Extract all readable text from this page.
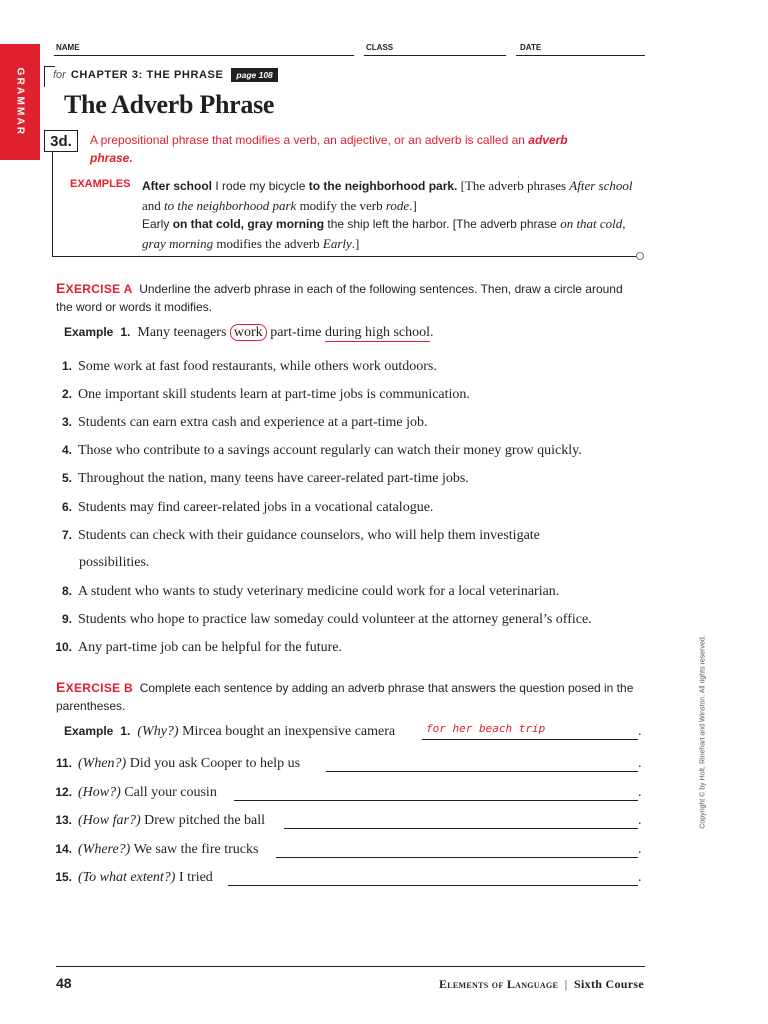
GRAMMAR
NAME	CLASS	DATE
for CHAPTER 3: THE PHRASE	page 108
The Adverb Phrase
3d.	A prepositional phrase that modifies a verb, an adjective, or an adverb is called an adverb phrase.
EXAMPLES After school I rode my bicycle to the neighborhood park. [The adverb phrases After school and to the neighborhood park modify the verb rode.]
Early on that cold, gray morning the ship left the harbor. [The adverb phrase on that cold, gray morning modifies the adverb Early.]
EXERCISE A Underline the adverb phrase in each of the following sentences. Then, draw a circle around the word or words it modifies.
Example 1. Many teenagers work part-time during high school.
1. Some work at fast food restaurants, while others work outdoors.
2. One important skill students learn at part-time jobs is communication.
3. Students can earn extra cash and experience at a part-time job.
4. Those who contribute to a savings account regularly can watch their money grow quickly.
5. Throughout the nation, many teens have career-related part-time jobs.
6. Students may find career-related jobs in a vocational catalogue.
7. Students can check with their guidance counselors, who will help them investigate
possibilities.
8. A student who wants to study veterinary medicine could work for a local veterinarian.
9. Students who hope to practice law someday could volunteer at the attorney general’s office.
10. Any part-time job can be helpful for the future.
EXERCISE B Complete each sentence by adding an adverb phrase that answers the question posed in the parentheses.
Example 1. (Why?) Mircea bought an inexpensive camera	for her beach trip	.
11. (When?) Did you ask Cooper to help us	.
12. (How?) Call your cousin	.
13. (How far?) Drew pitched the ball	.
14. (Where?) We saw the fire trucks	.
15. (To what extent?) I tried	.
Copyright © by Holt, Rinehart and Winston. All rights reserved.
48	Elements of Language | Sixth Course
